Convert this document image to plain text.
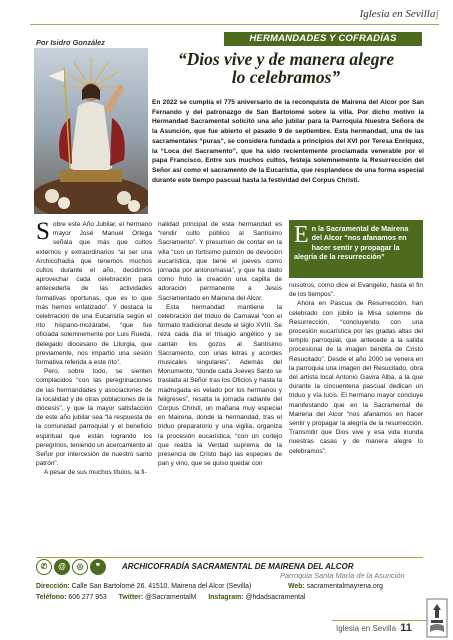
Iglesia en Sevillaʃ
Por Isidro González	HERMANDADES Y COFRADÍAS
“Dios vive y de manera alegre
lo celebramos”
En 2022 se cumplía el 775 aniversario de la reconquista de Mairena del Alcor por San Fernando y del patronazgo de San Bartolomé sobre la villa. Por dicho motivo la Hermandad Sacramental solicitó una año jubilar para la Parroquia Nuestra Señora de la Asunción, que fue abierto el pasado 9 de septiembre. Esta hermandad, una de las sacramentales “puras”, se considera fundada a principios del XVI por Teresa Enríquez, la “Loca del Sacramento”, que ha sido recientemente proclamada venerable por el papa Francisco. Entre sus muchos cultos, festeja solemnemente la Resurrección del Señor así como el sacramento de la Eucaristía, que resplandece de una forma especial durante este tiempo pascual hasta la festividad del Corpus Christi.

Sobre este Año Jubilar, el hermano mayor José Manuel Ortega señala que más que cultos externos y extraordinarios “al ser una Archicofradía que tenemos muchos cultos durante el año, decidimos aprovechar cada celebración para antecederla de las actividades formativas oportunas, que es lo que más hemos enfatizado”. Y destaca la celebración de una Eucaristía según el rito hispano-mozárabe, “que fue oficiada solemnemente por Luis Rueda, delegado diocesano de Liturgia, que previamente, nos impartió una sesión formativa referida a este rito”.

Pero, sobre todo, se sienten complacidos “con las peregrinaciones de las hermandades y asociaciones de la localidad y de otras poblaciones de la diócesis”, y que la mayor satisfacción de este año jubilar sea “la respuesta de la comunidad parroquial y el beneficio espiritual que están logrando los peregrinos, teniendo un acercamiento al Señor por intercesión de nuestro santo patrón”.

A pesar de sus muchos títulos, la fi-

nalidad principal de esta hermandad es “rendir culto público al Santísimo Sacramento”. Y presumen de contar en la villa “con un fortísimo pulmón de devoción eucarística, que tiene el jueves como jornada por antonomasia”, y que ha dado como fruto la creación una capilla de adoración permanente a Jesús Sacramentado en Mairena del Alcor.

Esta hermandad mantiene la celebración del triduo de Carnaval “con el formato tradicional desde el siglo XVIII. Se reza cada día el trisagio angélico y se cantan los gozos al Santísimo Sacramento, con unas letras y acordes musicales singulares”. Además del Monumento, “donde cada Jueves Santo se traslada al Señor tras los Oficios y hasta la madrugada es velado por los hermanos y feligreses”, resalta la jornada radiante del Corpus Christi, un mañana muy especial en Mairena, donde la hermandad, tras el triduo preparatorio y una vigilia, organiza la procesión eucarística, “con un cortejo que realza la Verdad suprema de la presencia de Cristo bajo las especies de pan y vino, que se quiso quedar con

En la Sacramental de Mairena del Alcor “nos afanamos en hacer sentir y propagar la alegría de la resurrección”

nosotros, como dice el Evangelio, hasta el fin de los tiempos”.

Ahora en Pascua de Resurrección, han celebrado con júbilo la Misa solemne de Resurrección, “concluyendo con una procesión eucarística por las gradas altas del templo parroquial, que antecede a la salida procesional de la imagen bendita de Cristo Resucitado”. Desde el año 2000 se venera en la parroquia una imagen del Resucitado, obra del artista local Antonio Gavira Alba, a la que durante la cincuentena pascual dedican un triduo y vía lucis. El hermano mayor concluye manifestando que en la Sacramental de Mairena del Alcor “nos afanamos en hacer sentir y propagar la alegría de la resurrección. Transmitir que Dios vive y esa vida inunda nuestras casas y de manera alegre lo celebramos”.

✆	@	◎	❞	ARCHICOFRADÍA SACRAMENTAL DE MAIRENA DEL ALCOR
Parroquia Santa María de la Asunción
Dirección: Calle San Bartolomé 26. 41510. Mairena del Alcor (Sevilla)	Web: sacramentalmayrena.org
Teléfono: 606 277 953 Twitter: @SacramentalM Instagram: @hdadsacramental
Iglesia en Sevilla 11
